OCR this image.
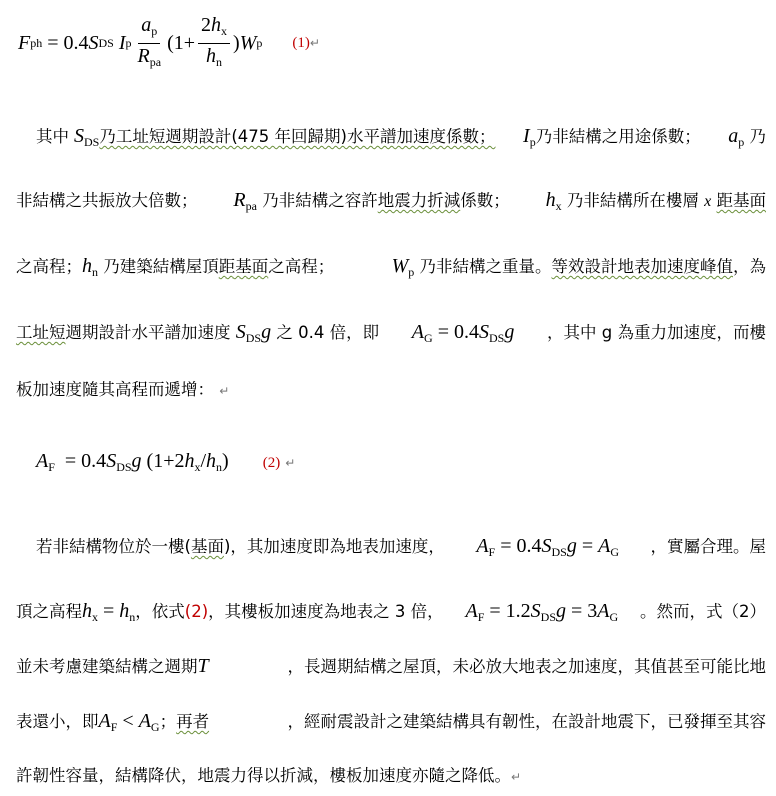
F ph = 0.4 S DS I p $\frac{a_p}{R_{pa}} (1+ \frac{2h_x}{h_n}$ ) W p (1) ↵
其中 $S_{DS}$乃工址短週期設計(475 年回歸期)水平譜加速度係數； $I_p$乃非結構之用途係數； $a_p$ 乃
非結構之共振放大倍數； $R_{pa}$ 乃非結構之容許地震力折減係數； $h_x$ 乃非結構所在樓層 x 距基面
之高程；$h_n$ 乃建築結構屋頂距基面之高程；	$W_p$ 乃非結構之重量。等效設計地表加速度峰值，為
工址短週期設計水平譜加速度 $S_{DS}g$ 之 0.4 倍，即 $A_G = 0.4S_{DS}g$ ，其中 g 為重力加速度，而樓
板加速度隨其高程而遞增： ↵
$A_F = 0.4S_{DS}g$ $(1+2h_x/h_n)$ (2) ↵
若非結構物位於一樓(基面)，其加速度即為地表加速度， $A_F = 0.4S_{DS}g = A_G$ ，實屬合理。屋
頂之高程$h_x = h_n$，依式(2)，其樓板加速度為地表之 3 倍， $A_F = 1.2S_{DS}g = 3A_G$ 。然而，式（2）
並未考慮建築結構之週期T	，長週期結構之屋頂，未必放大地表之加速度，其值甚至可能比地
表還小，即$A_F < A_G$；再者	，經耐震設計之建築結構具有韌性，在設計地震下，已發揮至其容
許韌性容量，結構降伏，地震力得以折減，樓板加速度亦隨之降低。↵
